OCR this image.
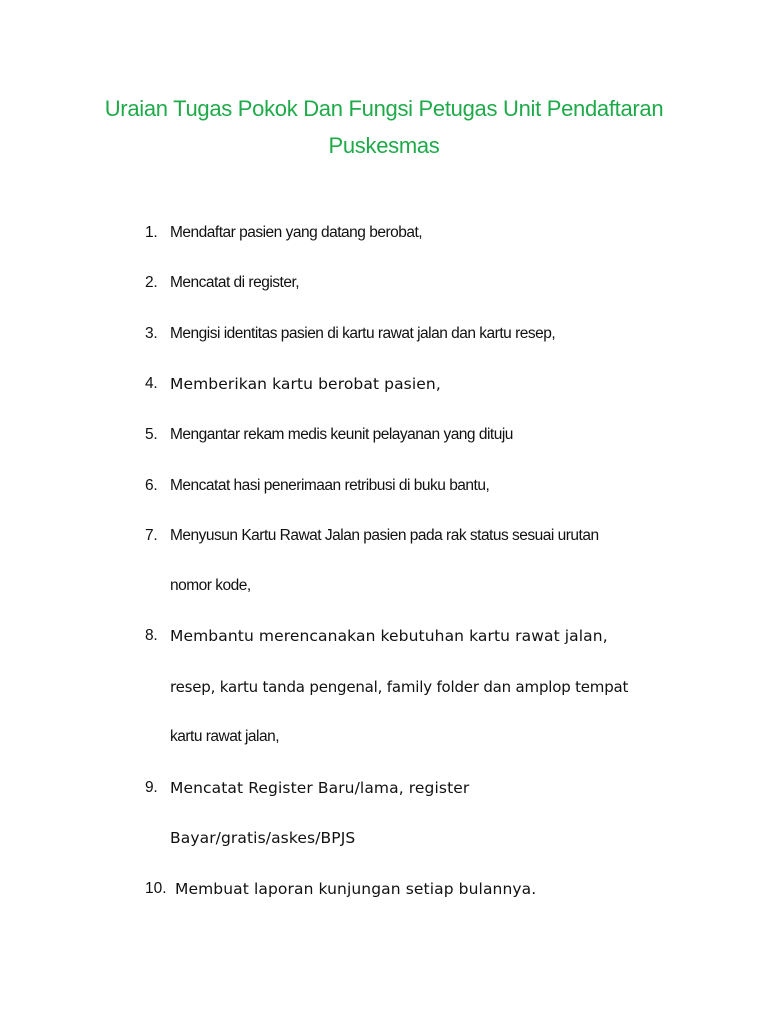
Uraian Tugas Pokok Dan Fungsi Petugas Unit Pendaftaran
Puskesmas
1. Mendaftar pasien yang datang berobat,
2. Mencatat di register,
3. Mengisi identitas pasien di kartu rawat jalan dan kartu resep,
4. Memberikan kartu berobat pasien,
5. Mengantar rekam medis keunit pelayanan yang dituju
6. Mencatat hasi penerimaan retribusi di buku bantu,
7. Menyusun Kartu Rawat Jalan pasien pada rak status sesuai urutan
nomor kode,
8. Membantu merencanakan kebutuhan kartu rawat jalan,
resep, kartu tanda pengenal, family folder dan amplop tempat
kartu rawat jalan,
9. Mencatat Register Baru/lama, register
Bayar/gratis/askes/BPJS
10. Membuat laporan kunjungan setiap bulannya.
